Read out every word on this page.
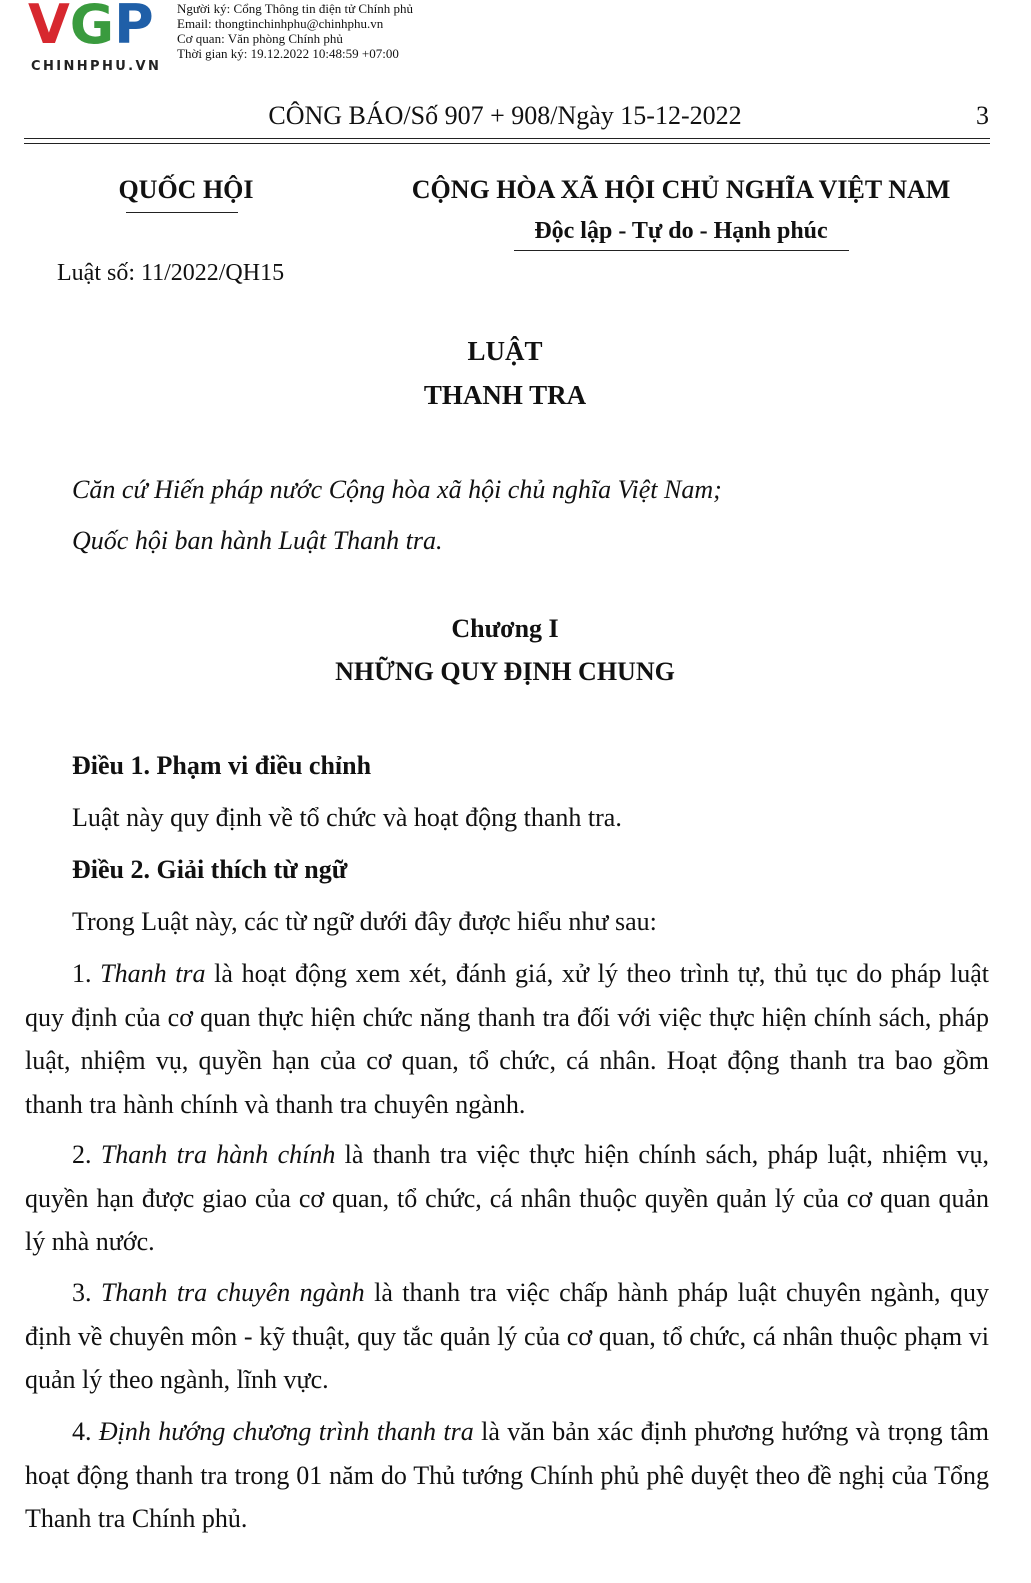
VGP
CHINHPHU.VN
Người ký: Cổng Thông tin điện tử Chính phủ
Email: thongtinchinhphu@chinhphu.vn
Cơ quan: Văn phòng Chính phủ
Thời gian ký: 19.12.2022 10:48:59 +07:00
CÔNG BÁO/Số 907 + 908/Ngày 15-12-2022	3
QUỐC HỘI
Luật số: 11/2022/QH15
CỘNG HÒA XÃ HỘI CHỦ NGHĨA VIỆT NAM
Độc lập - Tự do - Hạnh phúc
LUẬT
THANH TRA
Căn cứ Hiến pháp nước Cộng hòa xã hội chủ nghĩa Việt Nam;
Quốc hội ban hành Luật Thanh tra.
Chương I
NHỮNG QUY ĐỊNH CHUNG
Điều 1. Phạm vi điều chỉnh
Luật này quy định về tổ chức và hoạt động thanh tra.
Điều 2. Giải thích từ ngữ
Trong Luật này, các từ ngữ dưới đây được hiểu như sau:
1. Thanh tra là hoạt động xem xét, đánh giá, xử lý theo trình tự, thủ tục do pháp luật quy định của cơ quan thực hiện chức năng thanh tra đối với việc thực hiện chính sách, pháp luật, nhiệm vụ, quyền hạn của cơ quan, tổ chức, cá nhân. Hoạt động thanh tra bao gồm thanh tra hành chính và thanh tra chuyên ngành.
2. Thanh tra hành chính là thanh tra việc thực hiện chính sách, pháp luật, nhiệm vụ, quyền hạn được giao của cơ quan, tổ chức, cá nhân thuộc quyền quản lý của cơ quan quản lý nhà nước.
3. Thanh tra chuyên ngành là thanh tra việc chấp hành pháp luật chuyên ngành, quy định về chuyên môn - kỹ thuật, quy tắc quản lý của cơ quan, tổ chức, cá nhân thuộc phạm vi quản lý theo ngành, lĩnh vực.
4. Định hướng chương trình thanh tra là văn bản xác định phương hướng và trọng tâm hoạt động thanh tra trong 01 năm do Thủ tướng Chính phủ phê duyệt theo đề nghị của Tổng Thanh tra Chính phủ.
